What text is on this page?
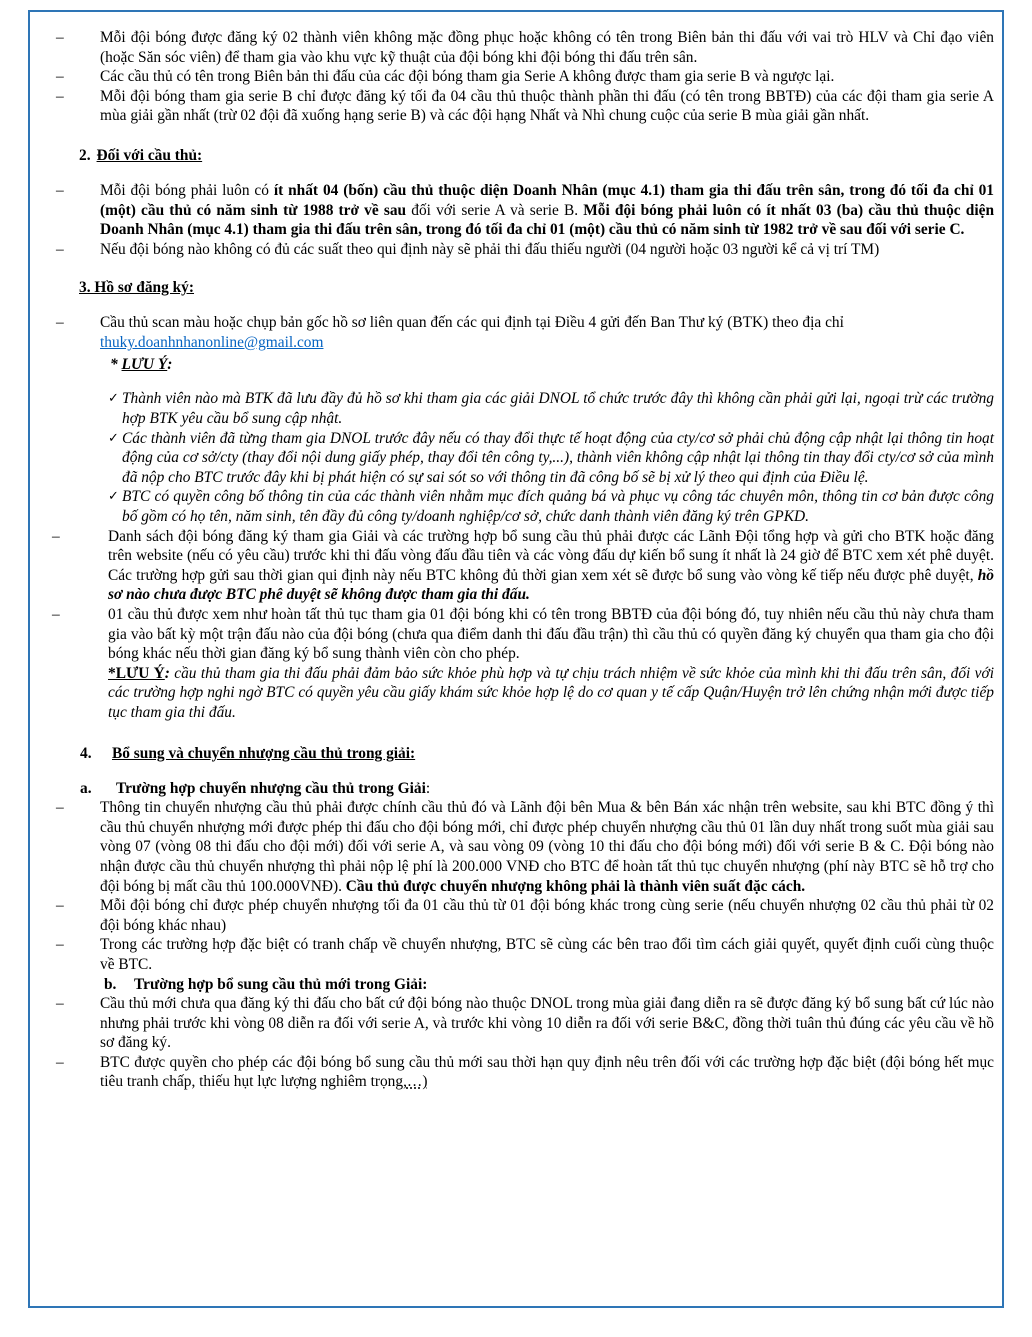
– Mỗi đội bóng được đăng ký 02 thành viên không mặc đồng phục hoặc không có tên trong Biên bản thi đấu với vai trò HLV và Chỉ đạo viên (hoặc Săn sóc viên) để tham gia vào khu vực kỹ thuật của đội bóng khi đội bóng thi đấu trên sân.

– Các cầu thủ có tên trong Biên bản thi đấu của các đội bóng tham gia Serie A không được tham gia serie B và ngược lại.

– Mỗi đội bóng tham gia serie B chỉ được đăng ký tối đa 04 cầu thủ thuộc thành phần thi đấu (có tên trong BBTĐ) của các đội tham gia serie A mùa giải gần nhất (trừ 02 đội đã xuống hạng serie B) và các đội hạng Nhất và Nhì chung cuộc của serie B mùa giải gần nhất.

2. Đối với cầu thủ:

– Mỗi đội bóng phải luôn có ít nhất 04 (bốn) cầu thủ thuộc diện Doanh Nhân (mục 4.1) tham gia thi đấu trên sân, trong đó tối đa chỉ 01 (một) cầu thủ có năm sinh từ 1988 trở về sau đối với serie A và serie B. Mỗi đội bóng phải luôn có ít nhất 03 (ba) cầu thủ thuộc diện Doanh Nhân (mục 4.1) tham gia thi đấu trên sân, trong đó tối đa chỉ 01 (một) cầu thủ có năm sinh từ 1982 trở về sau đối với serie C.

– Nếu đội bóng nào không có đủ các suất theo qui định này sẽ phải thi đấu thiếu người (04 người hoặc 03 người kể cả vị trí TM)

3. Hồ sơ đăng ký:

– Cầu thủ scan màu hoặc chụp bản gốc hồ sơ liên quan đến các qui định tại Điều 4 gửi đến Ban Thư ký (BTK) theo địa chỉ
thuky.doanhnhanonline@gmail.com

* LƯU Ý:

✓ Thành viên nào mà BTK đã lưu đầy đủ hồ sơ khi tham gia các giải DNOL tổ chức trước đây thì không cần phải gửi lại, ngoại trừ các trường hợp BTK yêu cầu bổ sung cập nhật.

✓ Các thành viên đã từng tham gia DNOL trước đây nếu có thay đổi thực tế hoạt động của cty/cơ sở phải chủ động cập nhật lại thông tin hoạt động của cơ sở/cty (thay đổi nội dung giấy phép, thay đổi tên công ty,...), thành viên không cập nhật lại thông tin thay đổi cty/cơ sở của mình đã nộp cho BTC trước đây khi bị phát hiện có sự sai sót so với thông tin đã công bố sẽ bị xử lý theo qui định của Điều lệ.

✓ BTC có quyền công bố thông tin của các thành viên nhằm mục đích quảng bá và phục vụ công tác chuyên môn, thông tin cơ bản được công bố gồm có họ tên, năm sinh, tên đầy đủ công ty/doanh nghiệp/cơ sở, chức danh thành viên đăng ký trên GPKD.

–	Danh sách đội bóng đăng ký tham gia Giải và các trường hợp bổ sung cầu thủ phải được các Lãnh Đội tổng hợp và gửi cho BTK hoặc đăng trên website (nếu có yêu cầu) trước khi thi đấu vòng đấu đầu tiên và các vòng đấu dự kiến bổ sung ít nhất là 24 giờ để BTC xem xét phê duyệt. Các trường hợp gửi sau thời gian qui định này nếu BTC không đủ thời gian xem xét sẽ được bổ sung vào vòng kế tiếp nếu được phê duyệt, hồ sơ nào chưa được BTC phê duyệt sẽ không được tham gia thi đấu.

–	01 cầu thủ được xem như hoàn tất thủ tục tham gia 01 đội bóng khi có tên trong BBTĐ của đội bóng đó, tuy nhiên nếu cầu thủ này chưa tham gia vào bất kỳ một trận đấu nào của đội bóng (chưa qua điểm danh thi đấu đầu trận) thì cầu thủ có quyền đăng ký chuyển qua tham gia cho đội bóng khác nếu thời gian đăng ký bổ sung thành viên còn cho phép.

*LƯU Ý: cầu thủ tham gia thi đấu phải đảm bảo sức khỏe phù hợp và tự chịu trách nhiệm về sức khỏe của mình khi thi đấu trên sân, đối với các trường hợp nghi ngờ BTC có quyền yêu cầu giấy khám sức khỏe hợp lệ do cơ quan y tế cấp Quận/Huyện trở lên chứng nhận mới được tiếp tục tham gia thi đấu.

4. Bổ sung và chuyển nhượng cầu thủ trong giải:

a. Trường hợp chuyển nhượng cầu thủ trong Giải:

– Thông tin chuyển nhượng cầu thủ phải được chính cầu thủ đó và Lãnh đội bên Mua & bên Bán xác nhận trên website, sau khi BTC đồng ý thì cầu thủ chuyển nhượng mới được phép thi đấu cho đội bóng mới, chỉ được phép chuyển nhượng cầu thủ 01 lần duy nhất trong suốt mùa giải sau vòng 07 (vòng 08 thi đấu cho đội mới) đối với serie A, và sau vòng 09 (vòng 10 thi đấu cho đội bóng mới) đối với serie B & C. Đội bóng nào nhận được cầu thủ chuyển nhượng thì phải nộp lệ phí là 200.000 VNĐ cho BTC để hoàn tất thủ tục chuyển nhượng (phí này BTC sẽ hỗ trợ cho đội bóng bị mất cầu thủ 100.000VNĐ). Cầu thủ được chuyển nhượng không phải là thành viên suất đặc cách.

– Mỗi đội bóng chỉ được phép chuyển nhượng tối đa 01 cầu thủ từ 01 đội bóng khác trong cùng serie (nếu chuyển nhượng 02 cầu thủ phải từ 02 đội bóng khác nhau)

– Trong các trường hợp đặc biệt có tranh chấp về chuyển nhượng, BTC sẽ cùng các bên trao đổi tìm cách giải quyết, quyết định cuối cùng thuộc về BTC.

b. Trường hợp bổ sung cầu thủ mới trong Giải:

– Cầu thủ mới chưa qua đăng ký thi đấu cho bất cứ đội bóng nào thuộc DNOL trong mùa giải đang diễn ra sẽ được đăng ký bổ sung bất cứ lúc nào nhưng phải trước khi vòng 08 diễn ra đối với serie A, và trước khi vòng 10 diễn ra đối với serie B&C, đồng thời tuân thủ đúng các yêu cầu về hồ sơ đăng ký.

– BTC được quyền cho phép các đội bóng bổ sung cầu thủ mới sau thời hạn quy định nêu trên đối với các trường hợp đặc biệt (đội bóng hết mục tiêu tranh chấp, thiếu hụt lực lượng nghiêm trọng,…)
